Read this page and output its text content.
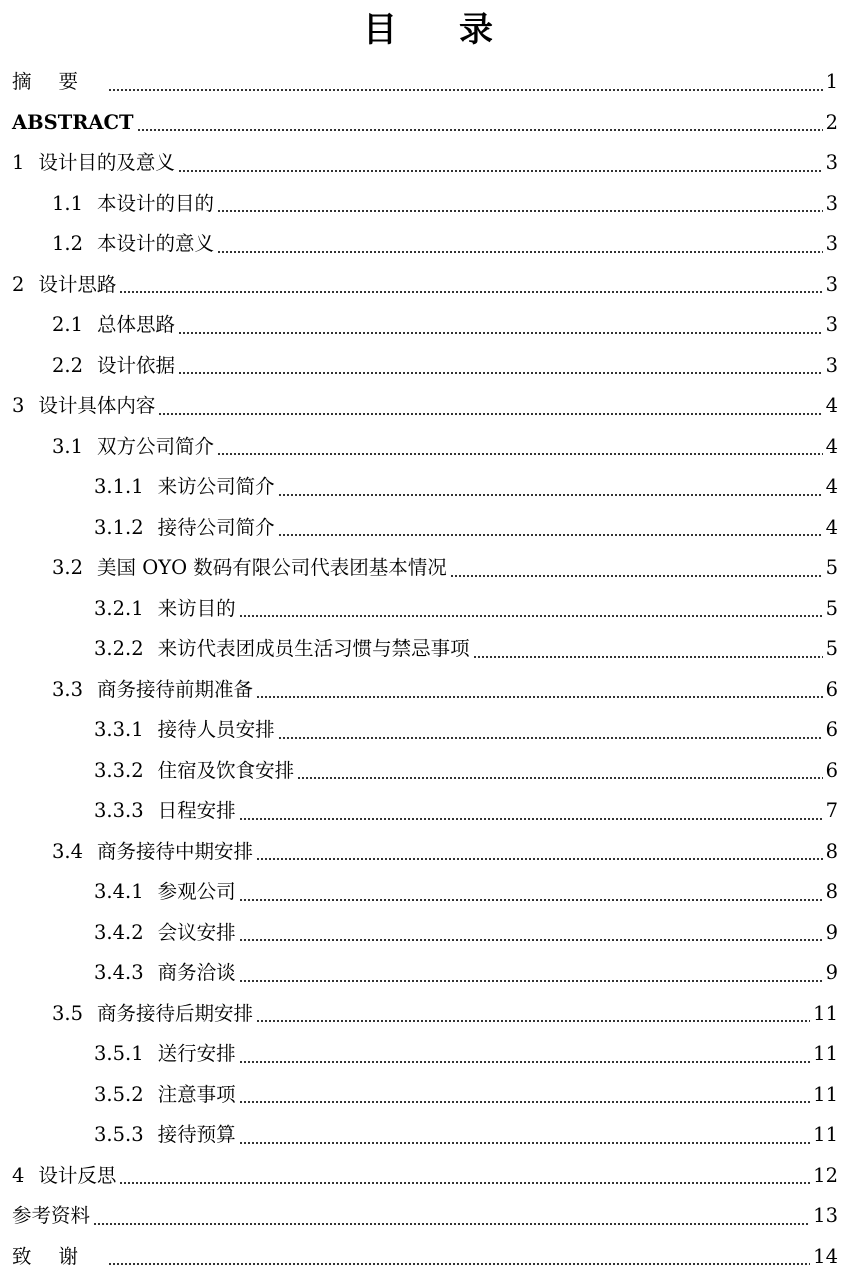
目 录
摘要	1
ABSTRACT	2
1 设计目的及意义	3
1.1 本设计的目的	3
1.2 本设计的意义	3
2 设计思路	3
2.1 总体思路	3
2.2 设计依据	3
3 设计具体内容	4
3.1 双方公司简介	4
3.1.1 来访公司简介	4
3.1.2 接待公司简介	4
3.2 美国 OYO 数码有限公司代表团基本情况	5
3.2.1 来访目的	5
3.2.2 来访代表团成员生活习惯与禁忌事项	5
3.3 商务接待前期准备	6
3.3.1 接待人员安排	6
3.3.2 住宿及饮食安排	6
3.3.3 日程安排	7
3.4 商务接待中期安排	8
3.4.1 参观公司	8
3.4.2 会议安排	9
3.4.3 商务洽谈	9
3.5 商务接待后期安排	11
3.5.1 送行安排	11
3.5.2 注意事项	11
3.5.3 接待预算	11
4 设计反思	12
参考资料	13
致谢	14
